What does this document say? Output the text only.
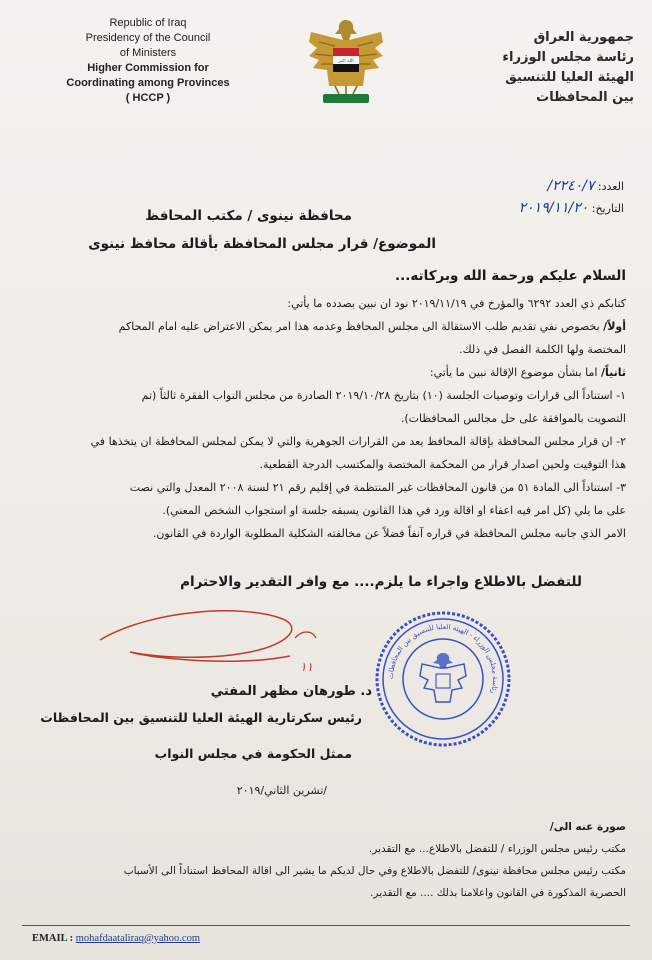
Republic of Iraq
Presidency of the Council
of Ministers
Higher Commission for
Coordinating among Provinces
( HCCP )
الله اكبر
جمهورية العراق
رئاسة مجلس الوزراء
الهيئة العليا للتنسيق
بين المحافظات
العدد: ٢٢٤٠/٧/
التاريخ: ٢٠١٩/١١/٢٠
محافظة نينوى / مكتب المحافظ
الموضوع/ قرار مجلس المحافظة بأقالة محافظ نينوى
السلام عليكم ورحمة الله وبركاته...
كتابكم ذي العدد ٦٢٩٢ والمؤرخ في ٢٠١٩/١١/١٩ نود ان نبين بصدده ما يأتي:
أولاً/ بخصوص نفي تقديم طلب الاستقالة الى مجلس المحافظ وعدمه هذا امر يمكن الاعتراض عليه امام المحاكم
المختصة ولها الكلمة الفصل في ذلك.
ثانياً/ اما بشأن موضوع الإقالة نبين ما يأتي:
١- استناداً الى قرارات وتوصيات الجلسة (١٠) بتاريخ ٢٠١٩/١٠/٢٨ الصادرة من مجلس النواب الفقرة ثالثاً (تم
التصويت بالموافقة على حل مجالس المحافظات).
٢- ان قرار مجلس المحافظة بإقالة المحافظ يعد من القرارات الجوهرية والتي لا يمكن لمجلس المحافظة ان يتخذها في
هذا التوقيت ولحين اصدار قرار من المحكمة المختصة والمكتسب الدرجة القطعية.
٣- استناداً الى المادة ٥١ من قانون المحافظات غير المنتظمة في إقليم رقم ٢١ لسنة ٢٠٠٨ المعدل والتي نصت
على ما يلي (كل امر فيه اعفاء او اقالة ورد في هذا القانون يسبقه جلسة او استجواب الشخص المعني).
الامر الذي جانبه مجلس المحافظة في قراره آنفاً فضلاً عن مخالفته الشكلية المطلوبة الواردة في القانون.
للتفضل بالاطلاع واجراء ما يلزم.... مع وافر التقدير والاحترام
١١
رئاسة مجلس الوزراء - الهيئة العليا للتنسيق بين المحافظات
د. طورهان مظهر المفتي
رئيس سكرتارية الهيئة العليا للتنسيق بين المحافظات
ممثل الحكومة في مجلس النواب
/تشرين الثاني/٢٠١٩
صورة عنه الى/
مكتب رئيس مجلس الوزراء / للتفضل بالاطلاع... مع التقدير.
مكتب رئيس مجلس محافظة نينوى/ للتفضل بالاطلاع وفي حال لديكم ما يشير الى اقالة المحافظ استناداً الى الأسباب
الحصرية المذكورة في القانون واعلامنا بذلك .... مع التقدير.
EMAIL : mohafdaataliraq@yahoo.com
